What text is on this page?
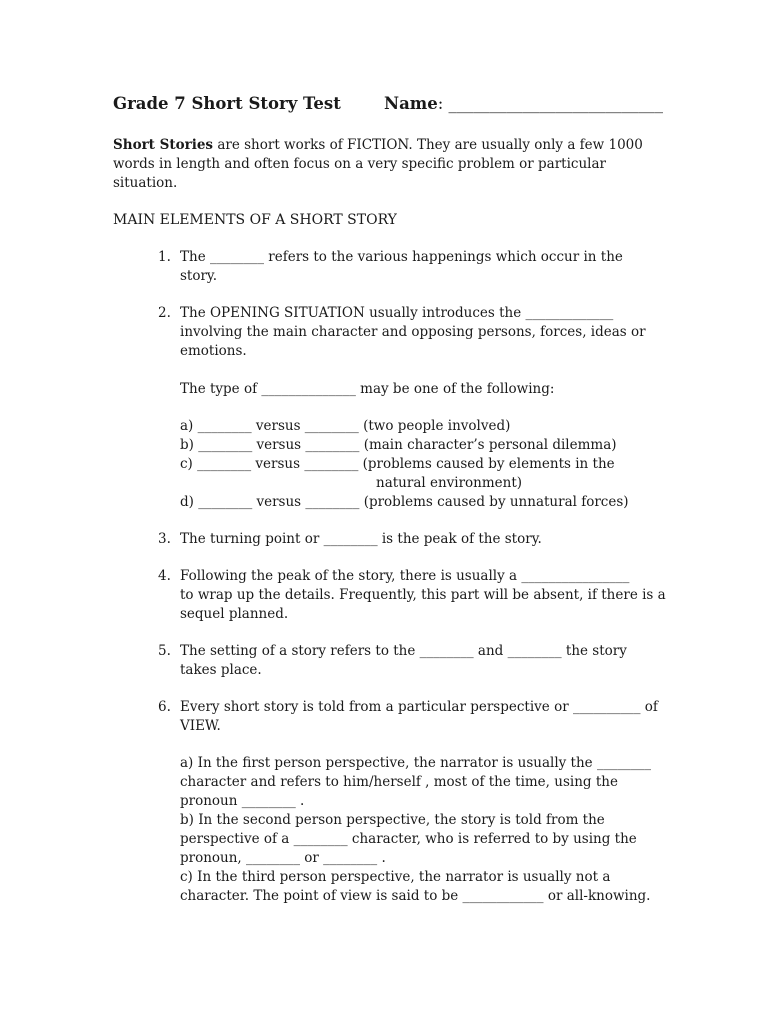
Grade 7 Short Story Test	Name: __________________________
Short Stories are short works of FICTION. They are usually only a few 1000
words in length and often focus on a very specific problem or particular
situation.
MAIN ELEMENTS OF A SHORT STORY
1. The ________ refers to the various happenings which occur in the
story.
2. The OPENING SITUATION usually introduces the _____________
involving the main character and opposing persons, forces, ideas or
emotions.
The type of ______________ may be one of the following:
a) ________ versus ________ (two people involved)
b) ________ versus ________ (main character’s personal dilemma)
c) ________ versus ________ (problems caused by elements in the
natural environment)
d) ________ versus ________ (problems caused by unnatural forces)
3. The turning point or ________ is the peak of the story.
4. Following the peak of the story, there is usually a ________________
to wrap up the details. Frequently, this part will be absent, if there is a
sequel planned.
5. The setting of a story refers to the ________ and ________ the story
takes place.
6. Every short story is told from a particular perspective or __________ of
VIEW.
a) In the first person perspective, the narrator is usually the ________
character and refers to him/herself , most of the time, using the
pronoun ________ .
b) In the second person perspective, the story is told from the
perspective of a ________ character, who is referred to by using the
pronoun, ________ or ________ .
c) In the third person perspective, the narrator is usually not a
character. The point of view is said to be ____________ or all-knowing.
